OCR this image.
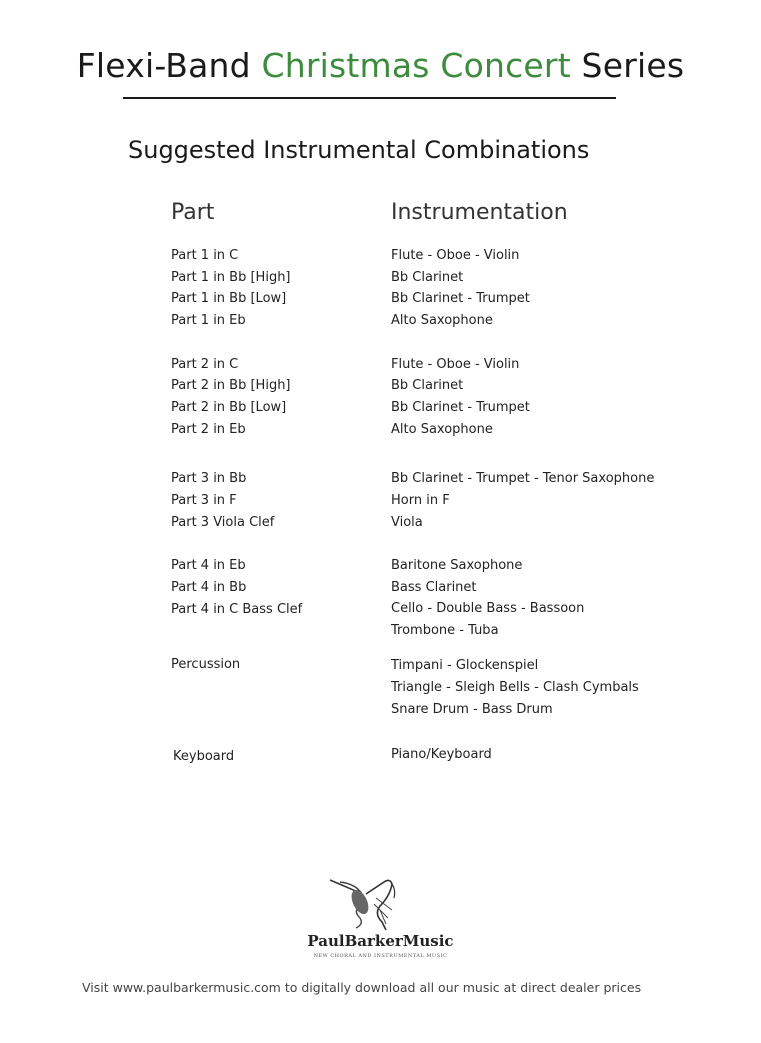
Flexi-Band Christmas Concert Series
Suggested Instrumental Combinations
Part	Instrumentation
Part 1 in C
Part 1 in Bb [High]
Part 1 in Bb [Low]
Part 1 in Eb
Part 2 in C
Part 2 in Bb [High]
Part 2 in Bb [Low]
Part 2 in Eb
Part 3 in Bb
Part 3 in F
Part 3 Viola Clef
Part 4 in Eb
Part 4 in Bb
Part 4 in C Bass Clef
Percussion
Keyboard
Flute - Oboe - Violin
Bb Clarinet
Bb Clarinet - Trumpet
Alto Saxophone
Flute - Oboe - Violin
Bb Clarinet
Bb Clarinet - Trumpet
Alto Saxophone
Bb Clarinet - Trumpet - Tenor Saxophone
Horn in F
Viola
Baritone Saxophone
Bass Clarinet
Cello - Double Bass - Bassoon
Trombone - Tuba
Timpani - Glockenspiel
Triangle - Sleigh Bells - Clash Cymbals
Snare Drum - Bass Drum
Piano/Keyboard
PaulBarkerMusic
NEW CHORAL AND INSTRUMENTAL MUSIC
Visit www.paulbarkermusic.com to digitally download all our music at direct dealer prices
